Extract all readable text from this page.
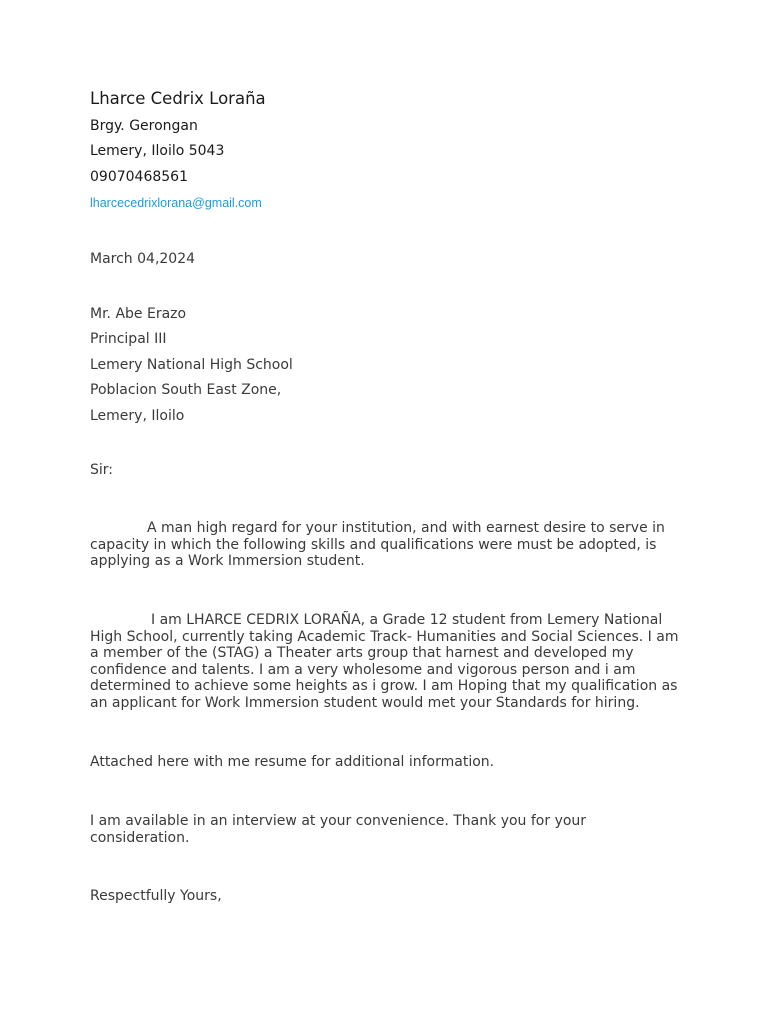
Lharce Cedrix Loraña
Brgy. Gerongan
Lemery, Iloilo 5043
09070468561
lharcecedrixlorana@gmail.com
March 04,2024
Mr. Abe Erazo
Principal III
Lemery National High School
Poblacion South East Zone,
Lemery, Iloilo
Sir:
A man high regard for your institution, and with earnest desire to serve in capacity in which the following skills and qualifications were must be adopted, is applying as a Work Immersion student.
I am LHARCE CEDRIX LORAÑA, a Grade 12 student from Lemery National High School, currently taking Academic Track- Humanities and Social Sciences. I am a member of the (STAG) a Theater arts group that harnest and developed my confidence and talents. I am a very wholesome and vigorous person and i am determined to achieve some heights as i grow. I am Hoping that my qualification as an applicant for Work Immersion student would met your Standards for hiring.
Attached here with me resume for additional information.
I am available in an interview at your convenience. Thank you for your consideration.
Respectfully Yours,
